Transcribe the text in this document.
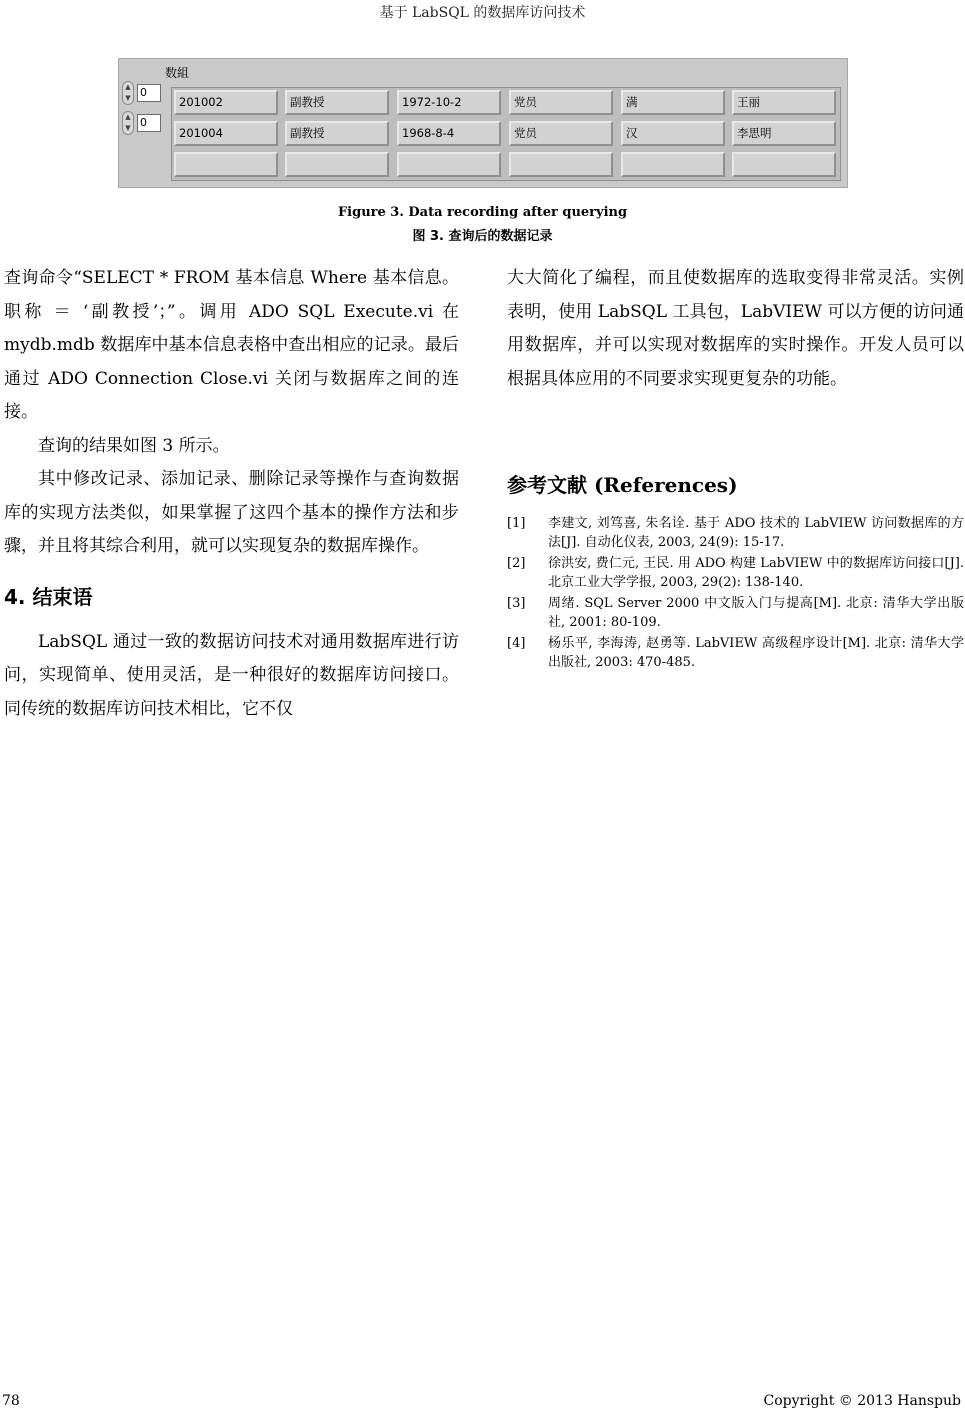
基于 LabSQL 的数据库访问技术
数組
▲
▼ 0
▲
▼ 0
201002	副教授	1972-10-2	党员	满	王丽
201004	副教授	1968-8-4	党员	汉	李思明
Figure 3. Data recording after querying
图 3. 查询后的数据记录

查询命令“SELECT * FROM 基本信息 Where 基本信息。职称 ＝ ‘副教授’；”。调用 ADO SQL Execute.vi 在 mydb.mdb 数据库中基本信息表格中查出相应的记录。最后通过 ADO Connection Close.vi 关闭与数据库之间的连接。

查询的结果如图 3 所示。

其中修改记录、添加记录、删除记录等操作与查询数据库的实现方法类似，如果掌握了这四个基本的操作方法和步骤，并且将其综合利用，就可以实现复杂的数据库操作。

4. 结束语

LabSQL 通过一致的数据访问技术对通用数据库进行访问，实现简单、使用灵活，是一种很好的数据库访问接口。同传统的数据库访问技术相比，它不仅

大大简化了编程，而且使数据库的选取变得非常灵活。实例表明，使用 LabSQL 工具包，LabVIEW 可以方便的访问通用数据库，并可以实现对数据库的实时操作。开发人员可以根据具体应用的不同要求实现更复杂的功能。

参考文献 (References)
[1] 李建文, 刘笃喜, 朱名诠. 基于 ADO 技术的 LabVIEW 访问数据库的方法[J]. 自动化仪表, 2003, 24(9): 15-17.
[2] 徐洪安, 费仁元, 王民. 用 ADO 构建 LabVIEW 中的数据库访问接口[J]. 北京工业大学学报, 2003, 29(2): 138-140.
[3] 周绪. SQL Server 2000 中文版入门与提高[M]. 北京: 清华大学出版社, 2001: 80-109.
[4] 杨乐平, 李海涛, 赵勇等. LabVIEW 高级程序设计[M]. 北京: 清华大学出版社, 2003: 470-485.
78	Copyright © 2013 Hanspub
